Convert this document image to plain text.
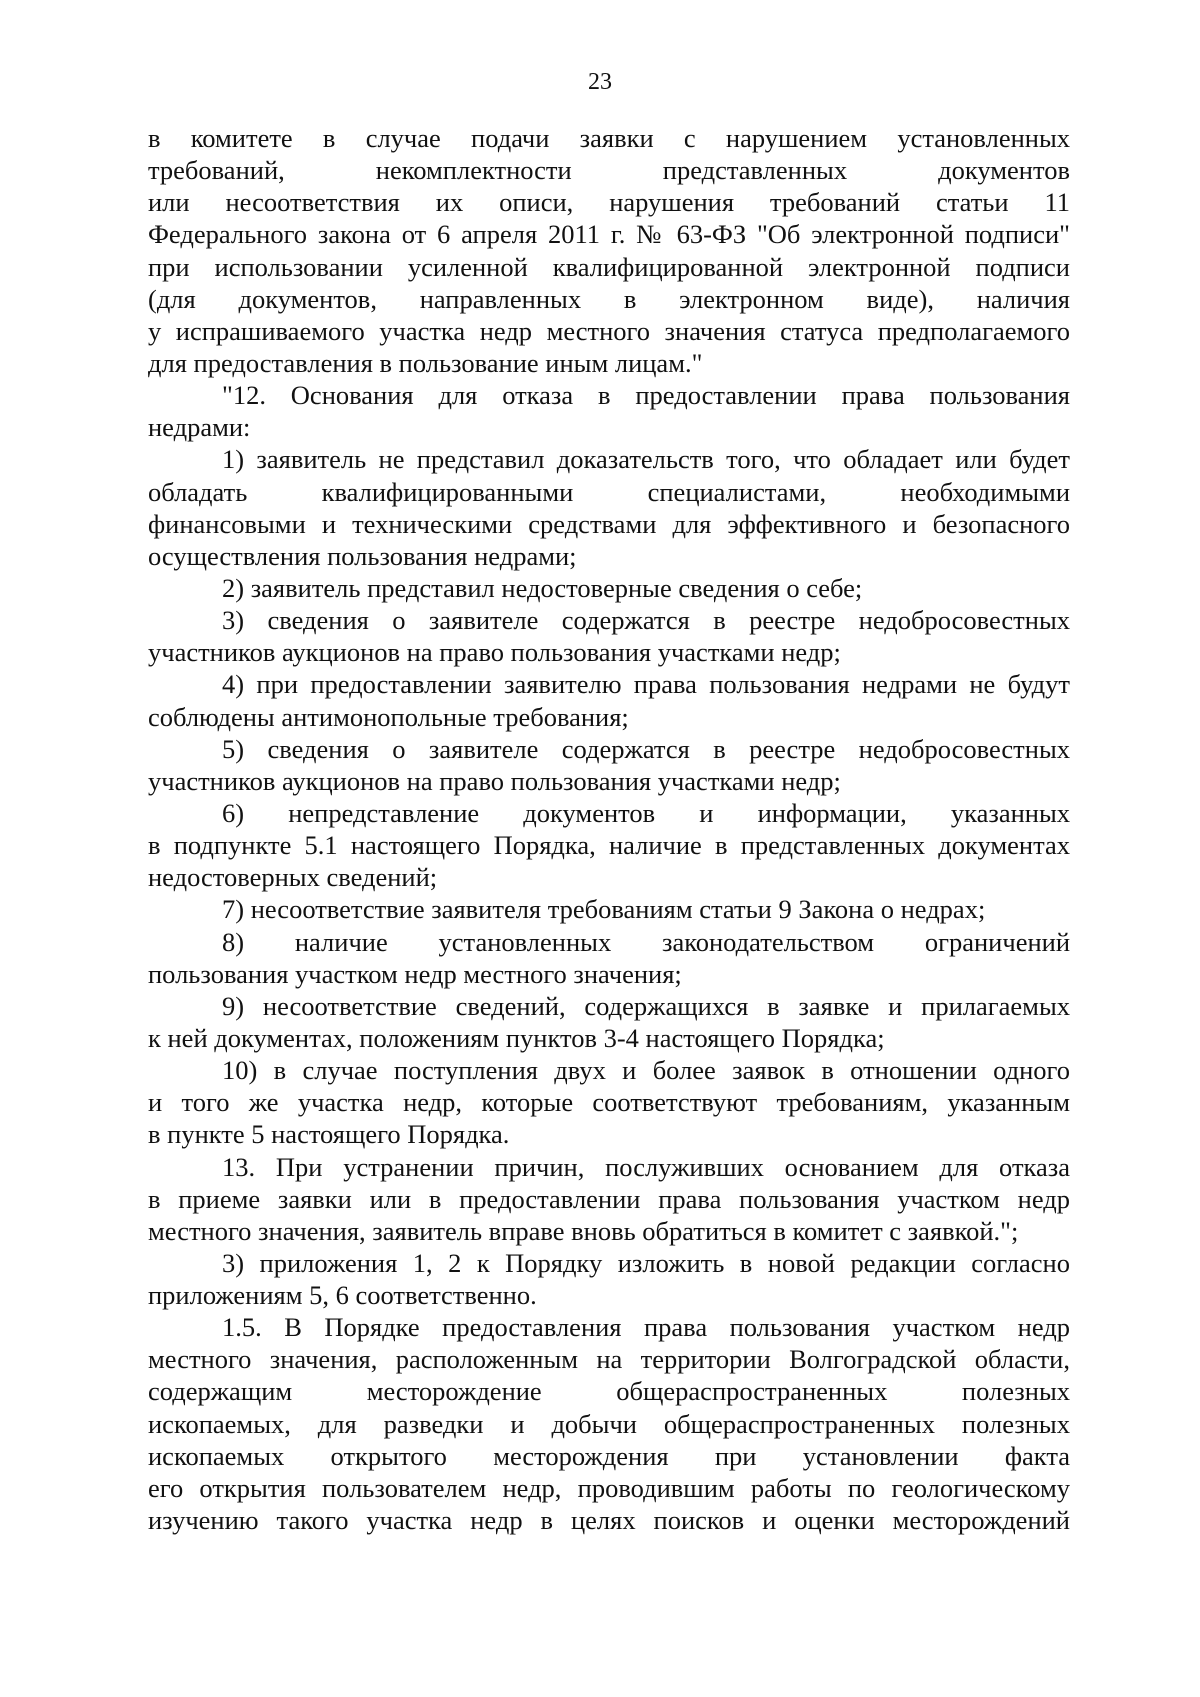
23
в комитете в случае подачи заявки с нарушением установленных
требований, некомплектности представленных документов
или несоответствия их описи, нарушения требований статьи 11
Федерального закона от 6 апреля 2011 г. № 63-ФЗ "Об электронной подписи"
при использовании усиленной квалифицированной электронной подписи
(для документов, направленных в электронном виде), наличия
у испрашиваемого участка недр местного значения статуса предполагаемого
для предоставления в пользование иным лицам."
"12. Основания для отказа в предоставлении права пользования
недрами:
1) заявитель не представил доказательств того, что обладает или будет
обладать квалифицированными специалистами, необходимыми
финансовыми и техническими средствами для эффективного и безопасного
осуществления пользования недрами;
2) заявитель представил недостоверные сведения о себе;
3) сведения о заявителе содержатся в реестре недобросовестных
участников аукционов на право пользования участками недр;
4) при предоставлении заявителю права пользования недрами не будут
соблюдены антимонопольные требования;
5) сведения о заявителе содержатся в реестре недобросовестных
участников аукционов на право пользования участками недр;
6) непредставление документов и информации, указанных
в подпункте 5.1 настоящего Порядка, наличие в представленных документах
недостоверных сведений;
7) несоответствие заявителя требованиям статьи 9 Закона о недрах;
8) наличие установленных законодательством ограничений
пользования участком недр местного значения;
9) несоответствие сведений, содержащихся в заявке и прилагаемых
к ней документах, положениям пунктов 3-4 настоящего Порядка;
10) в случае поступления двух и более заявок в отношении одного
и того же участка недр, которые соответствуют требованиям, указанным
в пункте 5 настоящего Порядка.
13. При устранении причин, послуживших основанием для отказа
в приеме заявки или в предоставлении права пользования участком недр
местного значения, заявитель вправе вновь обратиться в комитет с заявкой.";
3) приложения 1, 2 к Порядку изложить в новой редакции согласно
приложениям 5, 6 соответственно.
1.5. В Порядке предоставления права пользования участком недр
местного значения, расположенным на территории Волгоградской области,
содержащим месторождение общераспространенных полезных
ископаемых, для разведки и добычи общераспространенных полезных
ископаемых открытого месторождения при установлении факта
его открытия пользователем недр, проводившим работы по геологическому
изучению такого участка недр в целях поисков и оценки месторождений
